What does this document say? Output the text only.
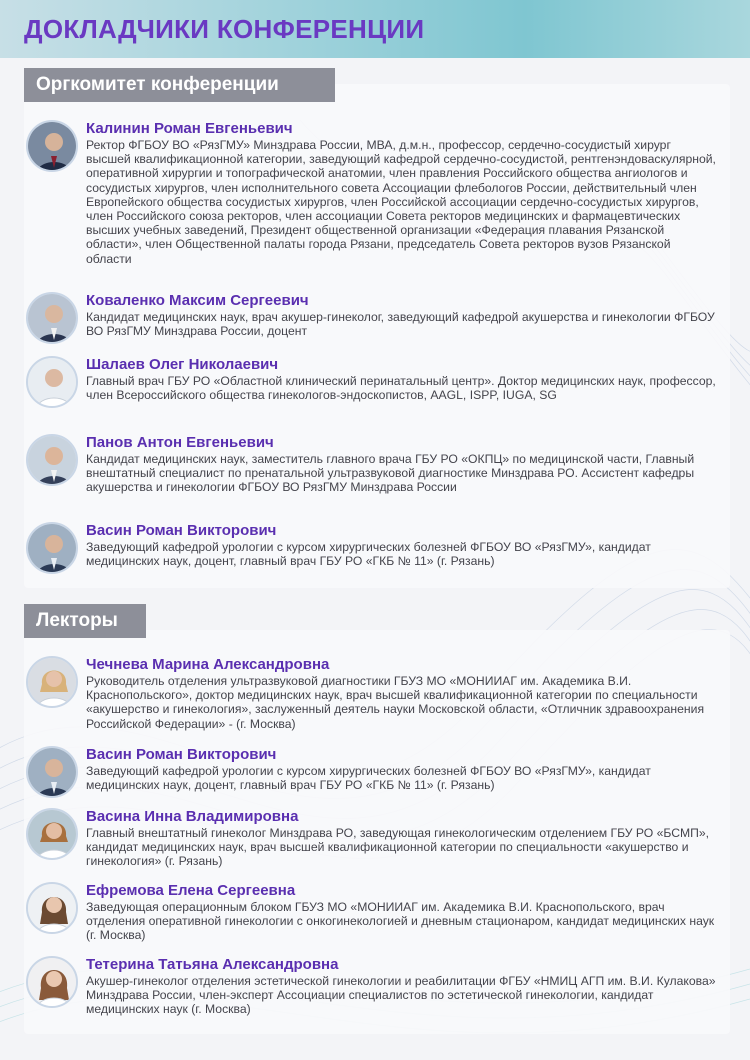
ДОКЛАДЧИКИ КОНФЕРЕНЦИИ
Оргкомитет конференции
Калинин Роман Евгеньевич
Ректор ФГБОУ ВО «РязГМУ» Минздрава России, МВА, д.м.н., профессор, сердечно-сосудистый хирург высшей квалификационной категории, заведующий кафедрой сердечно-сосудистой, рентгенэндоваскулярной, оперативной хирургии и топографической анатомии, член правления Российского общества ангиологов и сосудистых хирургов, член исполнительного совета Ассоциации флебологов России, действительный член Европейского общества сосудистых хирургов, член Российской ассоциации сердечно-сосудистых хирургов, член Российского союза ректоров, член ассоциации Совета ректоров медицинских и фармацевтических высших учебных заведений, Президент общественной организации «Федерация плавания Рязанской области», член Общественной палаты города Рязани, председатель Совета ректоров вузов Рязанской области
Коваленко Максим Сергеевич
Кандидат медицинских наук, врач акушер-гинеколог, заведующий кафедрой акушерства и гинекологии ФГБОУ ВО РязГМУ Минздрава России, доцент
Шалаев Олег Николаевич
Главный врач ГБУ РО «Областной клинический перинатальный центр». Доктор медицинских наук, профессор, член Всероссийского общества гинекологов-эндоскопистов, AAGL, ISPP, IUGA, SG
Панов Антон Евгеньевич
Кандидат медицинских наук, заместитель главного врача ГБУ РО «ОКПЦ» по медицинской части, Главный внештатный специалист по пренатальной ультразвуковой диагностике Минздрава РО. Ассистент кафедры акушерства и гинекологии ФГБОУ ВО РязГМУ Минздрава России
Васин Роман Викторович
Заведующий кафедрой урологии с курсом хирургических болезней ФГБОУ ВО «РязГМУ», кандидат медицинских наук, доцент, главный врач ГБУ РО «ГКБ № 11» (г. Рязань)
Лекторы
Чечнева Марина Александровна
Руководитель отделения ультразвуковой диагностики ГБУЗ МО «МОНИИАГ им. Академика В.И. Краснопольского», доктор медицинских наук, врач высшей квалификационной категории по специальности «акушерство и гинекология», заслуженный деятель науки Московской области, «Отличник здравоохранения Российской Федерации» - (г. Москва)
Васин Роман Викторович
Заведующий кафедрой урологии с курсом хирургических болезней ФГБОУ ВО «РязГМУ», кандидат медицинских наук, доцент, главный врач ГБУ РО «ГКБ № 11» (г. Рязань)
Васина Инна Владимировна
Главный внештатный гинеколог Минздрава РО, заведующая гинекологическим отделением ГБУ РО «БСМП», кандидат медицинских наук, врач высшей квалификационной категории по специальности «акушерство и гинекология» (г. Рязань)
Ефремова Елена Сергеевна
Заведующая операционным блоком ГБУЗ МО «МОНИИАГ им. Академика В.И. Краснопольского, врач отделения оперативной гинекологии с онкогинекологией и дневным стационаром, кандидат медицинских наук (г. Москва)
Тетерина Татьяна Александровна
Акушер-гинеколог отделения эстетической гинекологии и реабилитации ФГБУ «НМИЦ АГП им. В.И. Кулакова» Минздрава России, член-эксперт Ассоциации специалистов по эстетической гинекологии, кандидат медицинских наук (г. Москва)
